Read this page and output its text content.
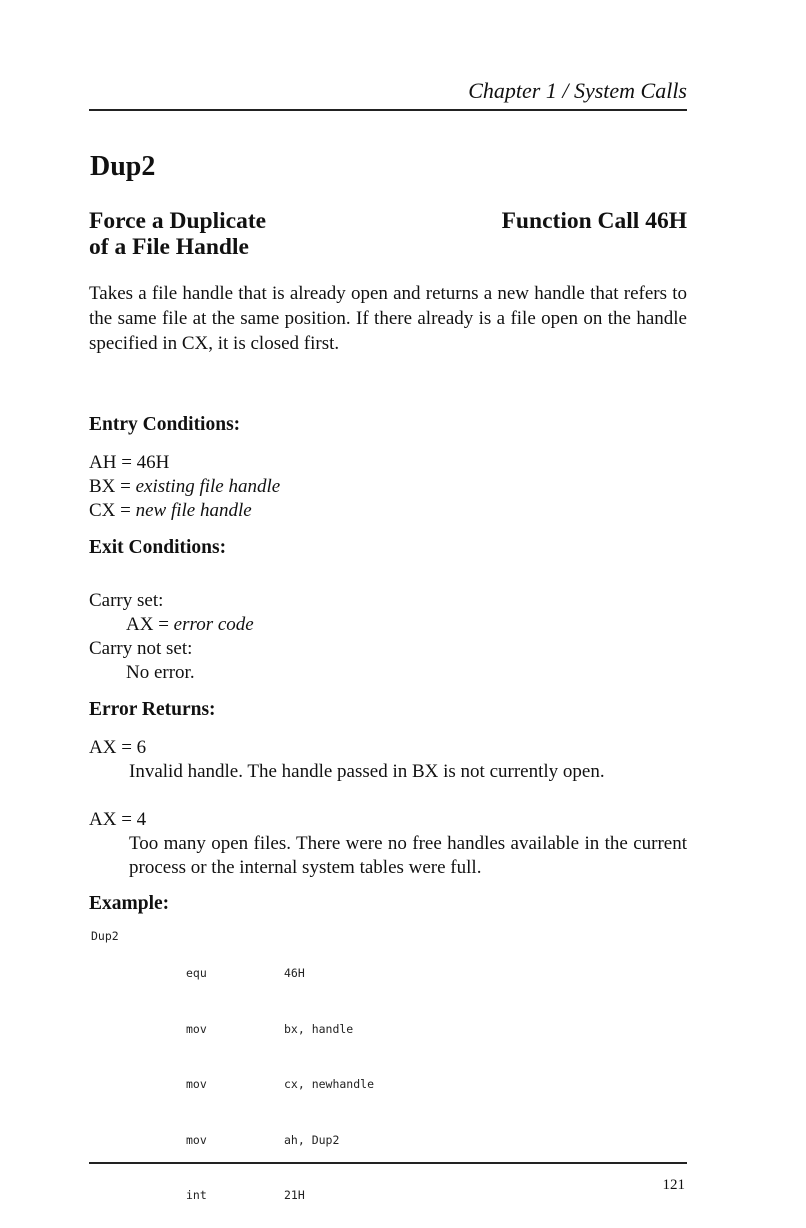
Chapter 1 / System Calls
Dup2
Force a Duplicate
of a File Handle
Function Call 46H

Takes a file handle that is already open and returns a new handle that refers to the same file at the same position. If there already is a file open on the handle specified in CX, it is closed first.

Entry Conditions:
AH = 46H
BX = existing file handle
CX = new file handle
Exit Conditions:
Carry set:
AX = error code
Carry not set:
No error.
Error Returns:
AX = 6

Invalid handle. The handle passed in BX is not currently open.

AX = 4

Too many open files. There were no free handles available in the current process or the internal system tables were full.

Example:
Dup2

equ

mov

mov

mov

int

46H

bx, handle

cx, newhandle

ah, Dup2

21H

121
